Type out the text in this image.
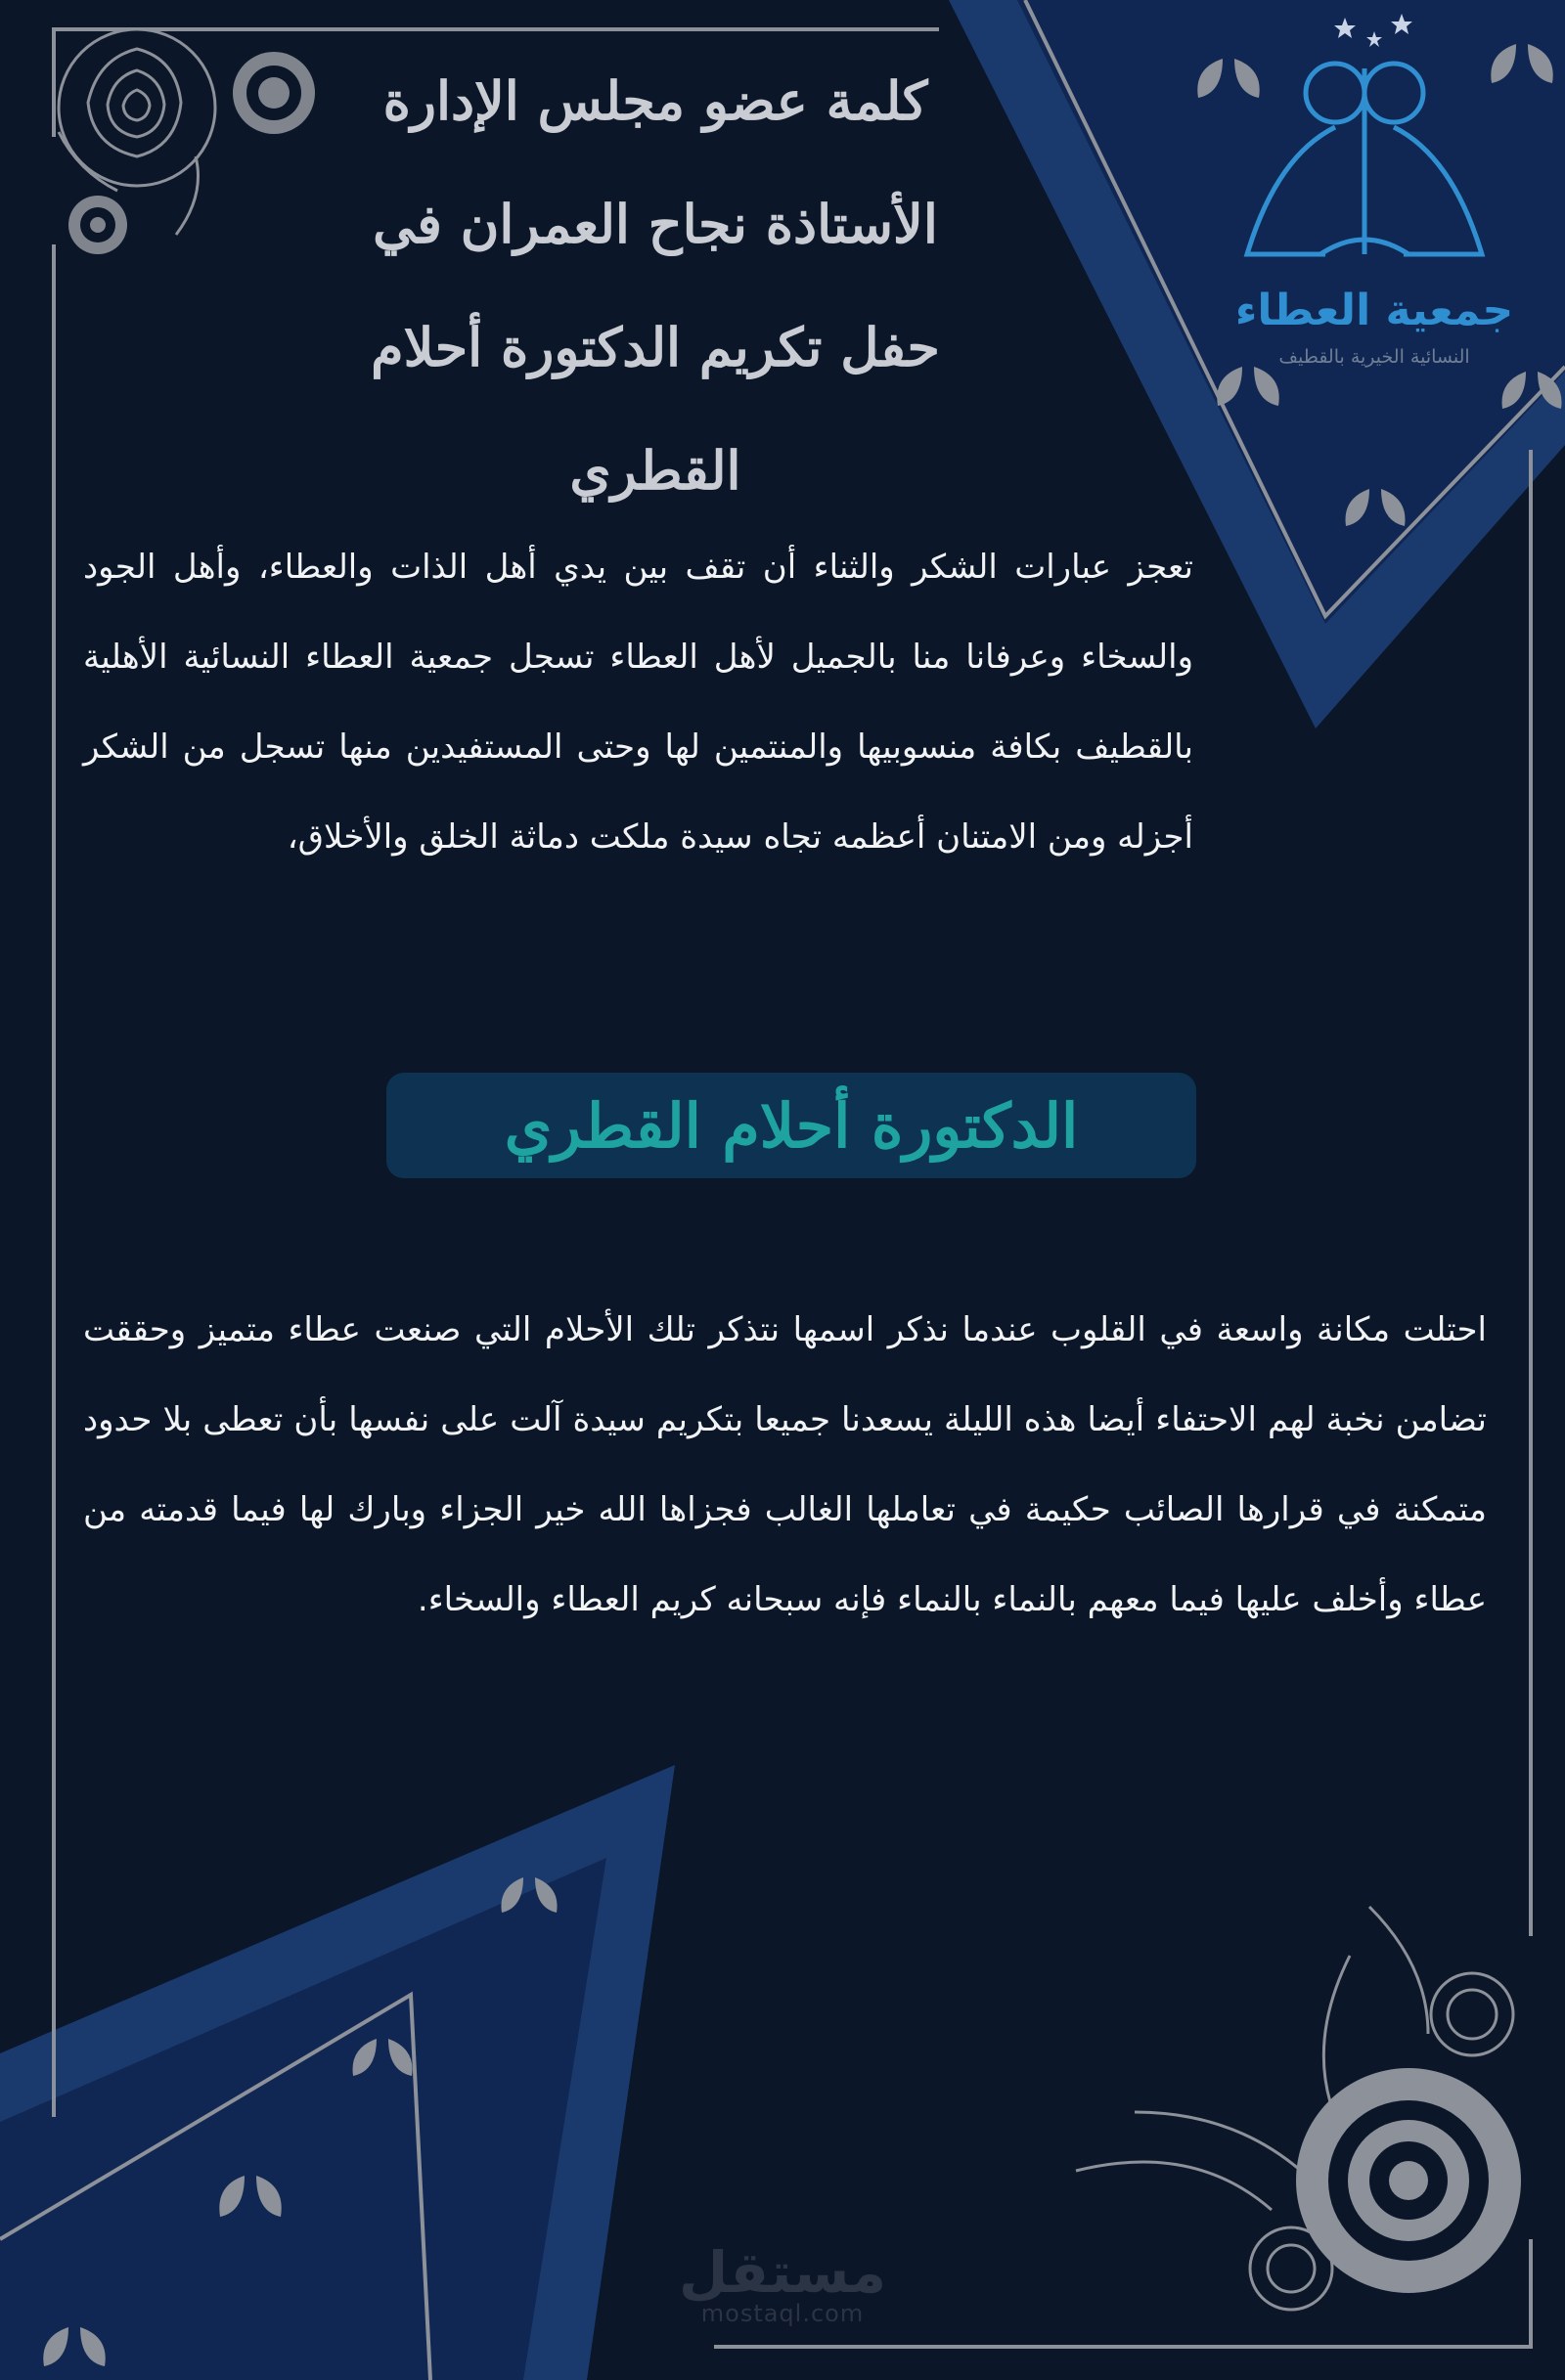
جمعية العطاء
النسائية الخيرية بالقطيف
كلمة عضو مجلس الإدارة
الأستاذة نجاح العمران في
حفل تكريم الدكتورة أحلام
القطري

تعجز عبارات الشكر والثناء أن تقف بين يدي أهل الذات والعطاء، وأهل الجود والسخاء وعرفانا منا بالجميل لأهل العطاء تسجل جمعية العطاء النسائية الأهلية بالقطيف بكافة منسوبيها والمنتمين لها وحتى المستفيدين منها تسجل من الشكر أجزله ومن الامتنان أعظمه تجاه سيدة ملكت دماثة الخلق والأخلاق،

الدكتورة أحلام القطري

احتلت مكانة واسعة في القلوب عندما نذكر اسمها نتذكر تلك الأحلام التي صنعت عطاء متميز وحققت تضامن نخبة لهم الاحتفاء أيضا هذه الليلة يسعدنا جميعا بتكريم سيدة آلت على نفسها بأن تعطى بلا حدود متمكنة في قرارها الصائب حكيمة في تعاملها الغالب فجزاها الله خير الجزاء وبارك لها فيما قدمته من عطاء وأخلف عليها فيما معهم بالنماء بالنماء فإنه سبحانه كريم العطاء والسخاء.

مستقل
mostaql.com
